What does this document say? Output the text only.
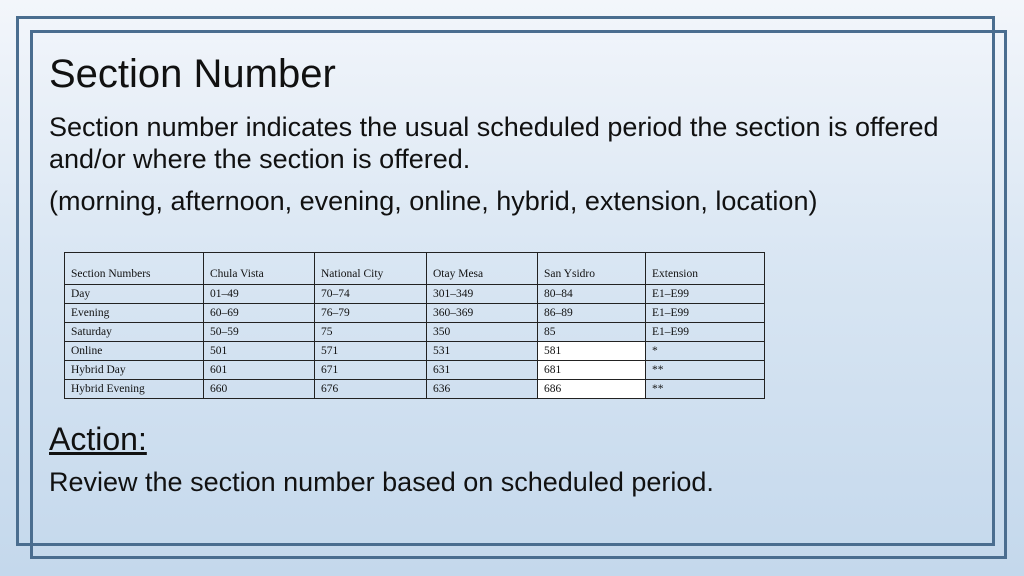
Section Number

Section number indicates the usual scheduled period the section is offered and/or where the section is offered.

(morning, afternoon, evening, online, hybrid, extension, location)

Section Numbers	Chula Vista	National City	Otay Mesa	San Ysidro	Extension
Day	01–49	70–74	301–349	80–84	E1–E99
Evening	60–69	76–79	360–369	86–89	E1–E99
Saturday	50–59	75	350	85	E1–E99
Online	501	571	531	581	*
Hybrid Day	601	671	631	681	**
Hybrid Evening	660	676	636	686	**
Action:

Review the section number based on scheduled period.
